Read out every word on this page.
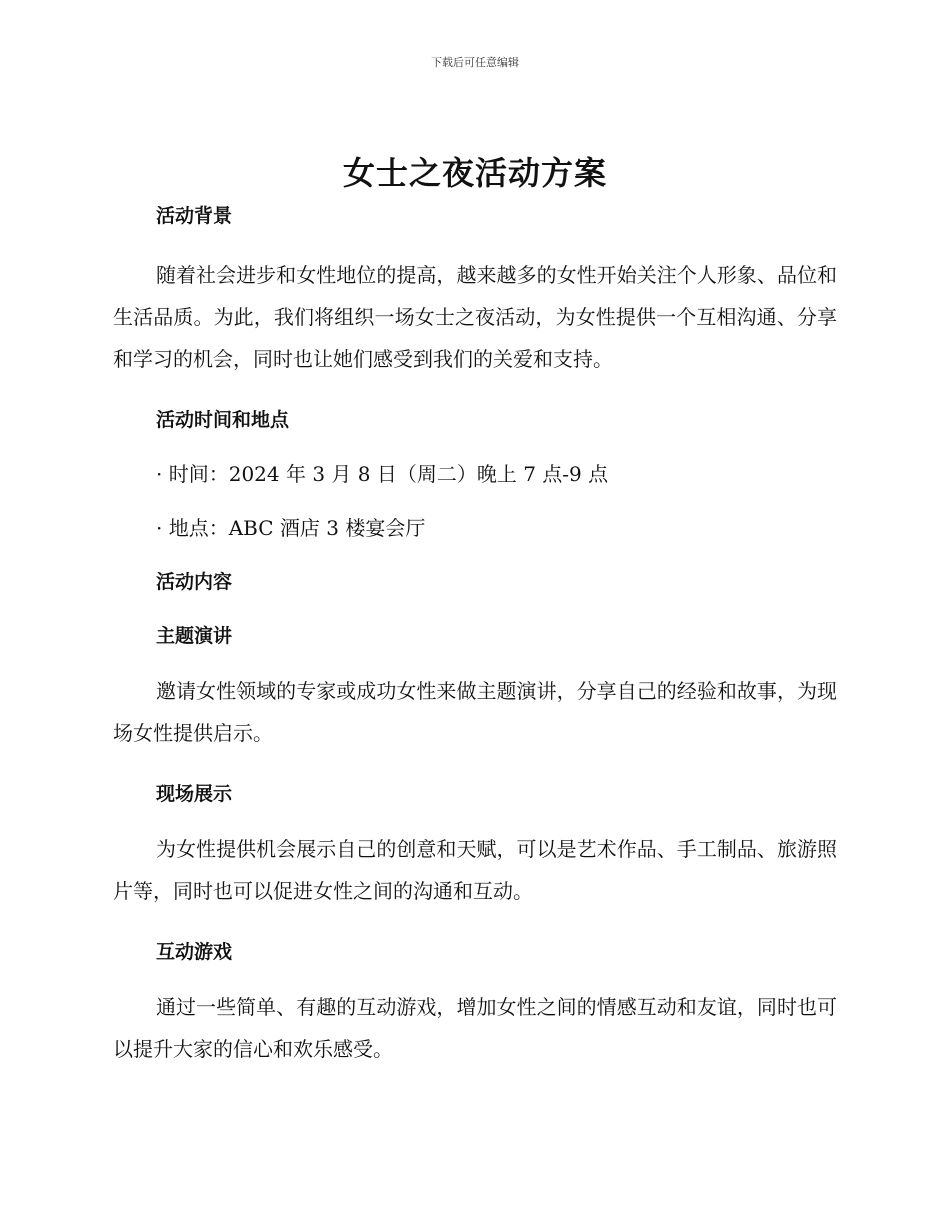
下载后可任意编辑
女士之夜活动方案
活动背景

随着社会进步和女性地位的提高，越来越多的女性开始关注个人形象、品位和生活品质。为此，我们将组织一场女士之夜活动，为女性提供一个互相沟通、分享和学习的机会，同时也让她们感受到我们的关爱和支持。

活动时间和地点

· 时间：2024 年 3 月 8 日（周二）晚上 7 点-9 点

· 地点：ABC 酒店 3 楼宴会厅

活动内容
主题演讲

邀请女性领域的专家或成功女性来做主题演讲，分享自己的经验和故事，为现场女性提供启示。

现场展示

为女性提供机会展示自己的创意和天赋，可以是艺术作品、手工制品、旅游照片等，同时也可以促进女性之间的沟通和互动。

互动游戏

通过一些简单、有趣的互动游戏，增加女性之间的情感互动和友谊，同时也可以提升大家的信心和欢乐感受。
